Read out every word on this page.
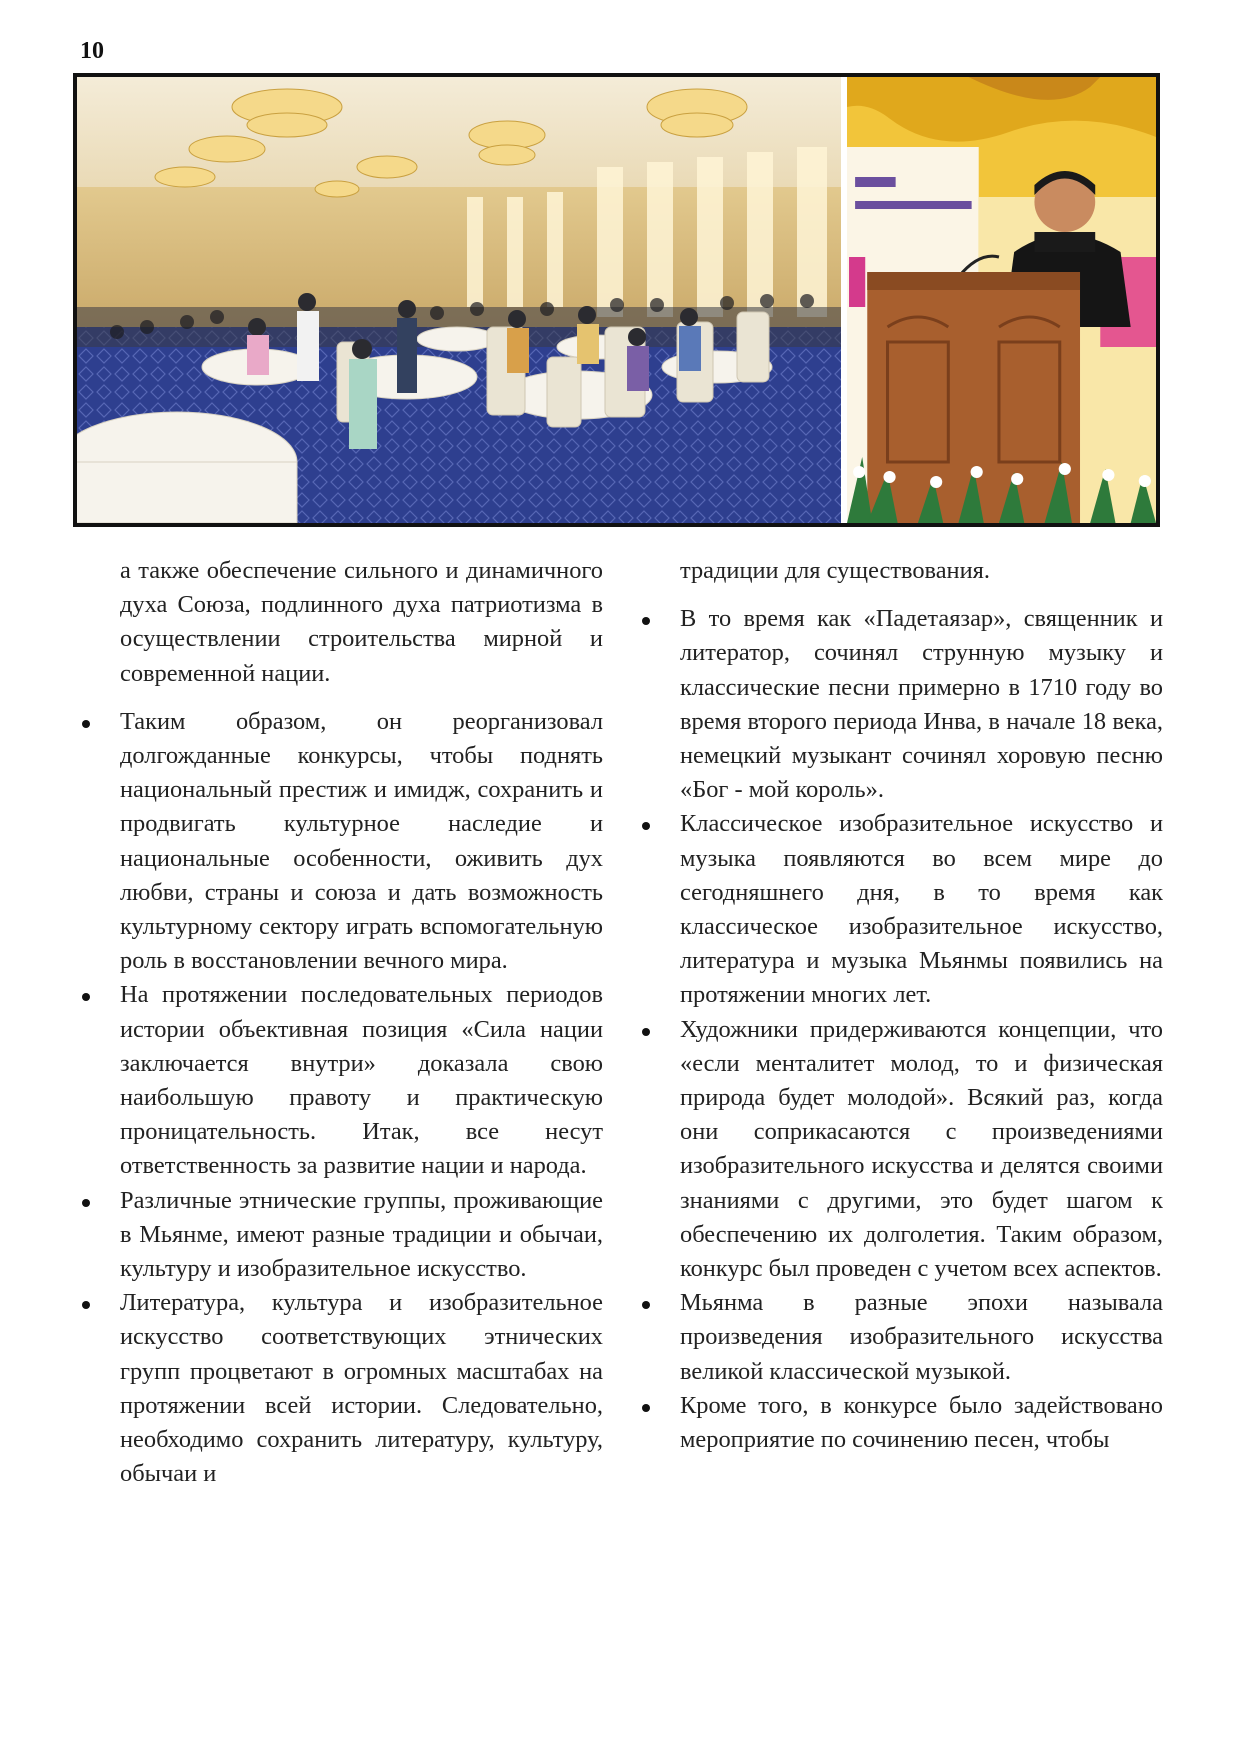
10

а также обеспечение сильного и динамичного духа Союза, подлинного духа патриотизма в осуществлении строительства мирной и современной нации.

Таким образом, он реорганизовал долгожданные конкурсы, чтобы поднять национальный престиж и имидж, сохранить и продвигать культурное наследие и национальные особенности, оживить дух любви, страны и союза и дать возможность культурному сектору играть вспомогательную роль в восстановлении вечного мира.

На протяжении последовательных периодов истории объективная позиция «Сила нации заключается внутри» доказала свою наибольшую правоту и практическую проницательность. Итак, все несут ответственность за развитие нации и народа.

Различные этнические группы, проживающие в Мьянме, имеют разные традиции и обычаи, культуру и изобразительное искусство.

Литература, культура и изобразительное искусство соответствующих этнических групп процветают в огромных масштабах на протяжении всей истории. Следовательно, необходимо сохранить литературу, культуру, обычаи и

традиции для существования.

В то время как «Падетаязар», священник и литератор, сочинял струнную музыку и классические песни примерно в 1710 году во время второго периода Инва, в начале 18 века, немецкий музыкант сочинял хоровую песню «Бог - мой король».

Классическое изобразительное искусство и музыка появляются во всем мире до сегодняшнего дня, в то время как классическое изобразительное искусство, литература и музыка Мьянмы появились на протяжении многих лет.

Художники придерживаются концепции, что «если менталитет молод, то и физическая природа будет молодой». Всякий раз, когда они соприкасаются с произведениями изобразительного искусства и делятся своими знаниями с другими, это будет шагом к обеспечению их долголетия. Таким образом, конкурс был проведен с учетом всех аспектов.

Мьянма в разные эпохи называла произведения изобразительного искусства великой классической музыкой.

Кроме того, в конкурсе было задействовано мероприятие по сочинению песен, чтобы
